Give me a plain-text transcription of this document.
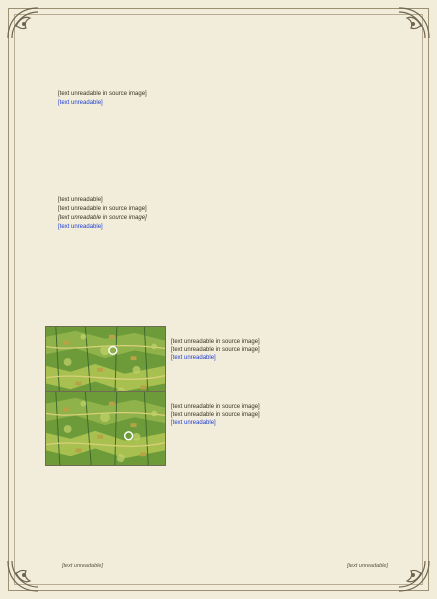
[text unreadable in source image]

[text unreadable]

[text unreadable]

[text unreadable in source image]

[text unreadable in source image]

[text unreadable]

[text unreadable in source image]

[text unreadable in source image]

[text unreadable]

[text unreadable in source image]

[text unreadable in source image]

[text unreadable]

[text unreadable]	[text unreadable]
